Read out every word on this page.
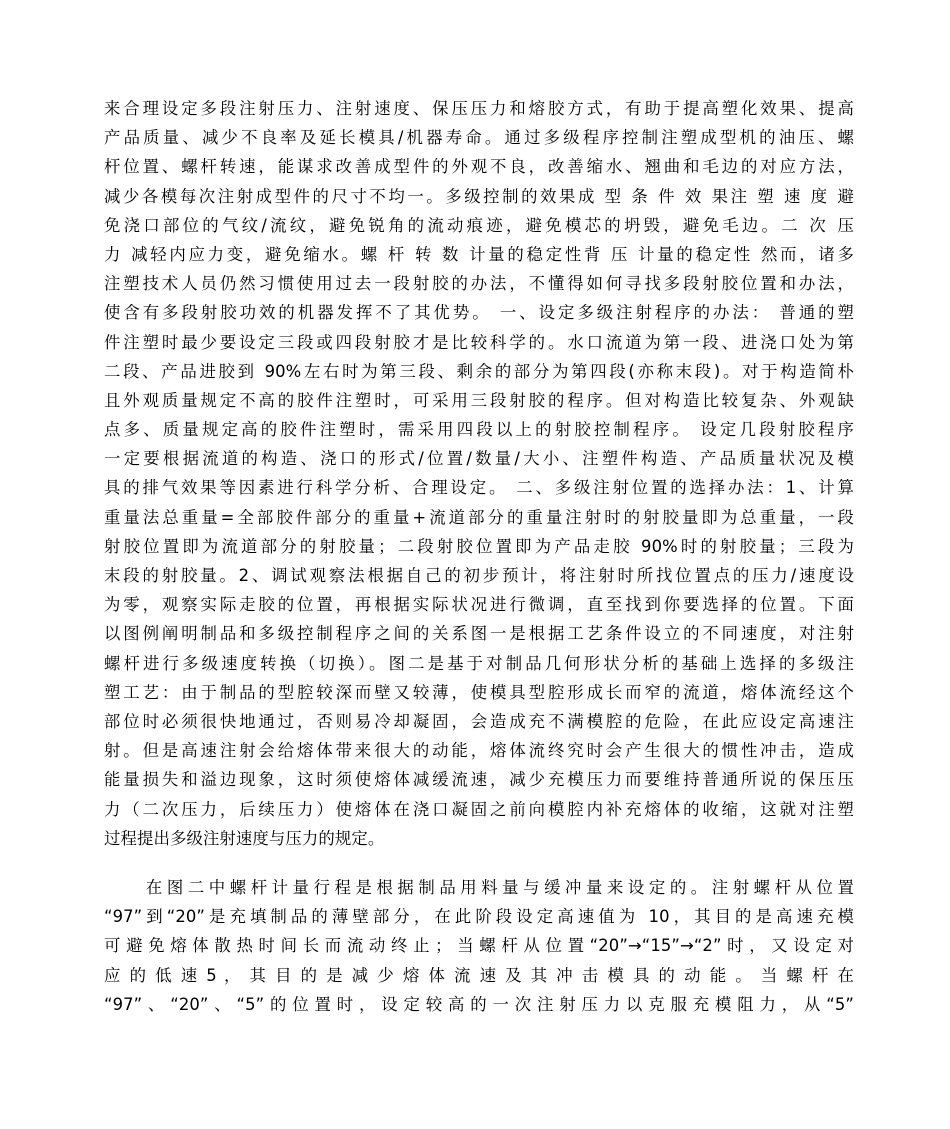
来合理设定多段注射压力、注射速度、保压压力和熔胶方式，有助于提高塑化效果、提高
产品质量、减少不良率及延长模具/机器寿命。通过多级程序控制注塑成型机的油压、螺
杆位置、螺杆转速，能谋求改善成型件的外观不良，改善缩水、翘曲和毛边的对应方法，
减少各模每次注射成型件的尺寸不均一。多级控制的效果成 型 条 件 效 果注 塑 速 度 避
免浇口部位的气纹/流纹，避免锐角的流动痕迹，避免模芯的坍毁，避免毛边。二 次 压
力 减轻内应力变，避免缩水。螺 杆 转 数 计量的稳定性背 压 计量的稳定性 然而，诸多
注塑技术人员仍然习惯使用过去一段射胶的办法，不懂得如何寻找多段射胶位置和办法，
使含有多段射胶功效的机器发挥不了其优势。 一、设定多级注射程序的办法： 普通的塑
件注塑时最少要设定三段或四段射胶才是比较科学的。水口流道为第一段、进浇口处为第
二段、产品进胶到 90%左右时为第三段、剩余的部分为第四段(亦称末段)。对于构造简朴
且外观质量规定不高的胶件注塑时，可采用三段射胶的程序。但对构造比较复杂、外观缺
点多、质量规定高的胶件注塑时，需采用四段以上的射胶控制程序。 设定几段射胶程序
一定要根据流道的构造、浇口的形式/位置/数量/大小、注塑件构造、产品质量状况及模
具的排气效果等因素进行科学分析、合理设定。 二、多级注射位置的选择办法：1、计算
重量法总重量=全部胶件部分的重量+流道部分的重量注射时的射胶量即为总重量，一段
射胶位置即为流道部分的射胶量；二段射胶位置即为产品走胶 90%时的射胶量；三段为
末段的射胶量。2、调试观察法根据自己的初步预计，将注射时所找位置点的压力/速度设
为零，观察实际走胶的位置，再根据实际状况进行微调，直至找到你要选择的位置。下面
以图例阐明制品和多级控制程序之间的关系图一是根据工艺条件设立的不同速度，对注射
螺杆进行多级速度转换（切换）。图二是基于对制品几何形状分析的基础上选择的多级注
塑工艺：由于制品的型腔较深而壁又较薄，使模具型腔形成长而窄的流道，熔体流经这个
部位时必须很快地通过，否则易冷却凝固，会造成充不满模腔的危险，在此应设定高速注
射。但是高速注射会给熔体带来很大的动能，熔体流终究时会产生很大的惯性冲击，造成
能量损失和溢边现象，这时须使熔体减缓流速，减少充模压力而要维持普通所说的保压压
力（二次压力，后续压力）使熔体在浇口凝固之前向模腔内补充熔体的收缩，这就对注塑
过程提出多级注射速度与压力的规定。
　　在图二中螺杆计量行程是根据制品用料量与缓冲量来设定的。注射螺杆从位置
“97”到“20”是充填制品的薄壁部分，在此阶段设定高速值为 10，其目的是高速充模
可避免熔体散热时间长而流动终止；当螺杆从位置“20”→“15”→“2”时，又设定对
应 的 低 速 5 ， 其 目 的 是 减 少 熔 体 流 速 及 其 冲 击 模 具 的 动 能 。 当 螺 杆 在
“97”、“20”、“5”的位置时，设定较高的一次注射压力以克服充模阻力，从“5”
